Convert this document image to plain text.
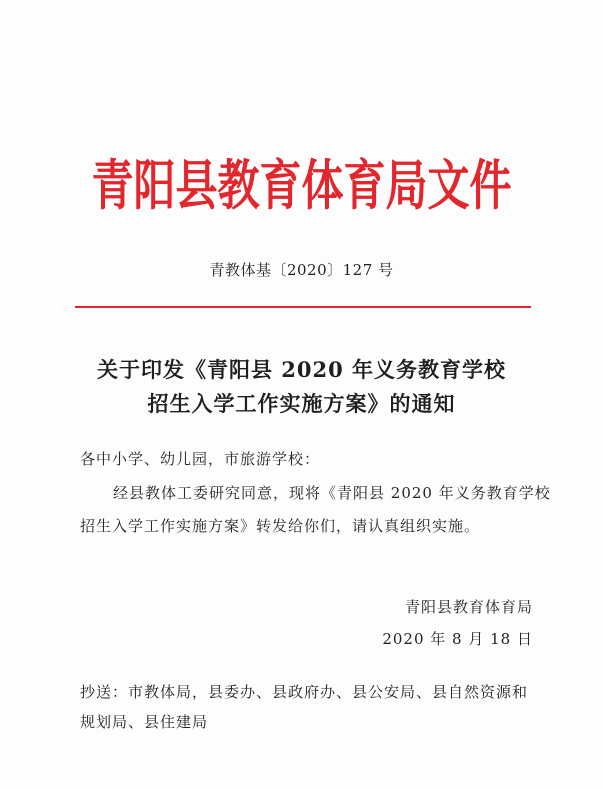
青阳县教育体育局文件
青教体基〔2020〕127 号
关于印发《青阳县 2020 年义务教育学校
招生入学工作实施方案》的通知
各中小学、幼儿园，市旅游学校：
经县教体工委研究同意，现将《青阳县 2020 年义务教育学校
招生入学工作实施方案》转发给你们，请认真组织实施。
青阳县教育体育局
2020 年 8 月 18 日
抄送：市教体局，县委办、县政府办、县公安局、县自然资源和
规划局、县住建局
